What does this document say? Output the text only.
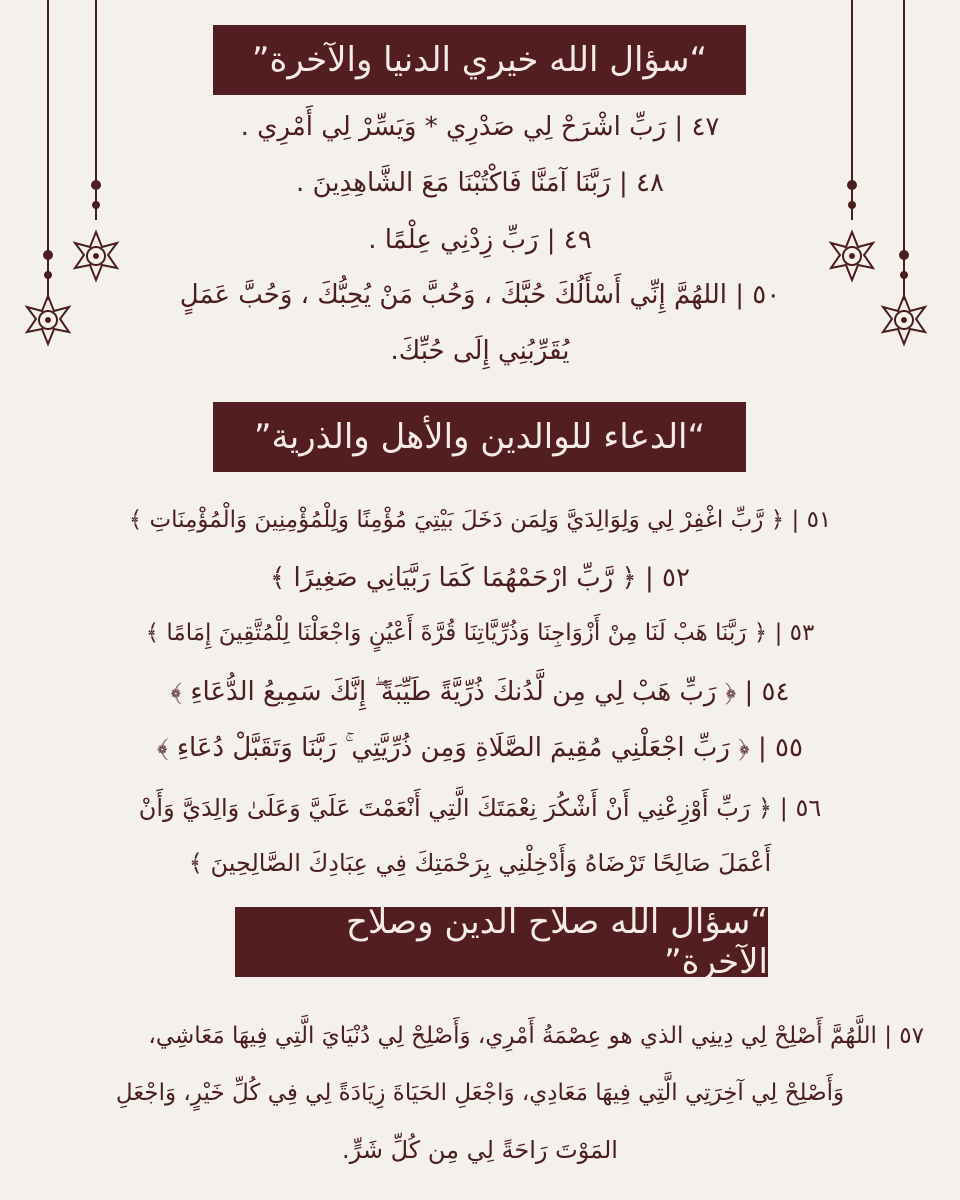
“سؤال الله خيري الدنيا والآخرة”
٤٧ | رَبِّ اشْرَحْ لِي صَدْرِي * وَيَسِّرْ لِي أَمْرِي .
٤٨ | رَبَّنَا آمَنَّا فَاكْتُبْنَا مَعَ الشَّاهِدِينَ .
٤٩ | رَبِّ زِدْنِي عِلْمًا .
٥٠ | اللهُمَّ إِنِّي أَسْأَلُكَ حُبَّكَ ، وَحُبَّ مَنْ يُحِبُّكَ ، وَحُبَّ عَمَلٍ
يُقَرِّبُنِي إِلَى حُبِّكَ.
“الدعاء للوالدين والأهل والذرية”
٥١ | ﴿ رَّبِّ اغْفِرْ لِي وَلِوَالِدَيَّ وَلِمَن دَخَلَ بَيْتِيَ مُؤْمِنًا وَلِلْمُؤْمِنِينَ وَالْمُؤْمِنَاتِ ﴾
٥٢ | ﴿ رَّبِّ ارْحَمْهُمَا كَمَا رَبَّيَانِي صَغِيرًا ﴾
٥٣ | ﴿ رَبَّنَا هَبْ لَنَا مِنْ أَزْوَاجِنَا وَذُرِّيَّاتِنَا قُرَّةَ أَعْيُنٍ وَاجْعَلْنَا لِلْمُتَّقِينَ إِمَامًا ﴾
٥٤ | ﴿ رَبِّ هَبْ لِي مِن لَّدُنكَ ذُرِّيَّةً طَيِّبَةً ۖ إِنَّكَ سَمِيعُ الدُّعَاءِ ﴾
٥٥ | ﴿ رَبِّ اجْعَلْنِي مُقِيمَ الصَّلَاةِ وَمِن ذُرِّيَّتِي ۚ رَبَّنَا وَتَقَبَّلْ دُعَاءِ ﴾
٥٦ | ﴿ رَبِّ أَوْزِعْنِي أَنْ أَشْكُرَ نِعْمَتَكَ الَّتِي أَنْعَمْتَ عَلَيَّ وَعَلَىٰ وَالِدَيَّ وَأَنْ
أَعْمَلَ صَالِحًا تَرْضَاهُ وَأَدْخِلْنِي بِرَحْمَتِكَ فِي عِبَادِكَ الصَّالِحِينَ ﴾
“سؤال الله صلاح الدين وصلاح الآخرة”
٥٧ | اللَّهُمَّ أَصْلِحْ لِي دِينِي الذي هو عِصْمَةُ أَمْرِي، وَأَصْلِحْ لِي دُنْيَايَ الَّتِي فِيهَا مَعَاشِي،
وَأَصْلِحْ لِي آخِرَتِي الَّتِي فِيهَا مَعَادِي، وَاجْعَلِ الحَيَاةَ زِيَادَةً لِي فِي كُلِّ خَيْرٍ، وَاجْعَلِ
المَوْتَ رَاحَةً لِي مِن كُلِّ شَرٍّ.
